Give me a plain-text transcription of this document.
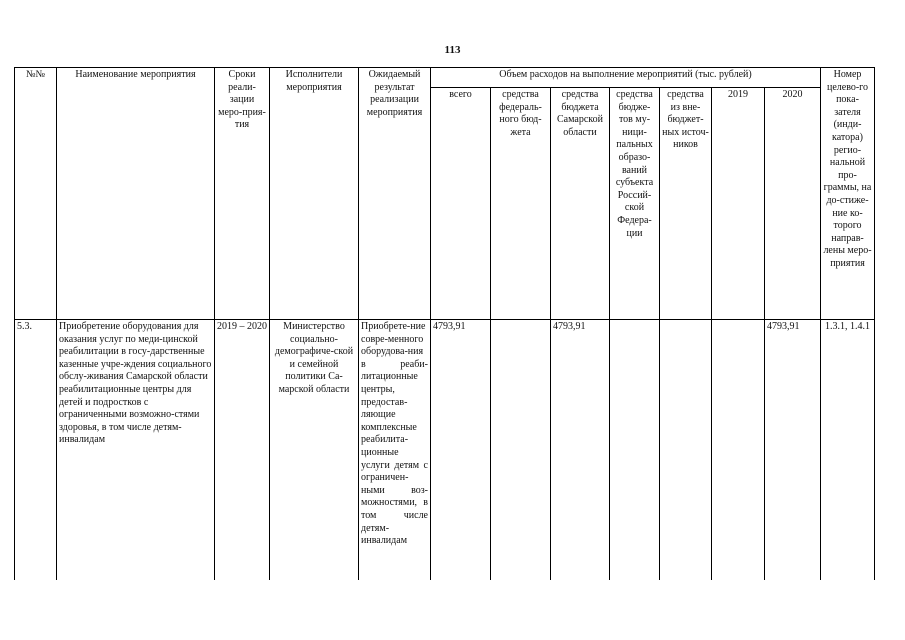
113
№№	Наименование мероприятия	Сроки реали-зации меро-прия-тия	Исполнители мероприятия	Ожидаемый результат реализации мероприятия	Объем расходов на выполнение мероприятий (тыс. рублей)							Номер целево-го пока-зателя (инди-катора) регио-нальной про-граммы, на до-стиже-ние ко-торого направ-лены меро-приятия
					всего	средства федераль-ного бюд-жета	средства бюджета Самарской области	средства бюдже-тов му-ници-пальных образо-ваний субъекта Россий-ской Федера-ции	средства из вне-бюджет-ных источ-ников	2019	2020	
5.3.	Приобретение оборудования для оказания услуг по меди-цинской реабилитации в госу-дарственные казенные учре-ждения социального обслу-живания Самарской области реабилитационные центры для детей и подростков с ограниченными возможно-стями здоровья, в том числе детям-инвалидам	2019 – 2020	Министерство социально-демографиче-ской и семейной политики Са-марской области	Приобрете-ние совре-менного оборудова-ния в реаби-литационные центры, предостав-ляющие комплексные реабилита-ционные услуги детям с ограничен-ными воз-можностями, в том числе детям-инвалидам	4793,91		4793,91				4793,91	1.3.1, 1.4.1
